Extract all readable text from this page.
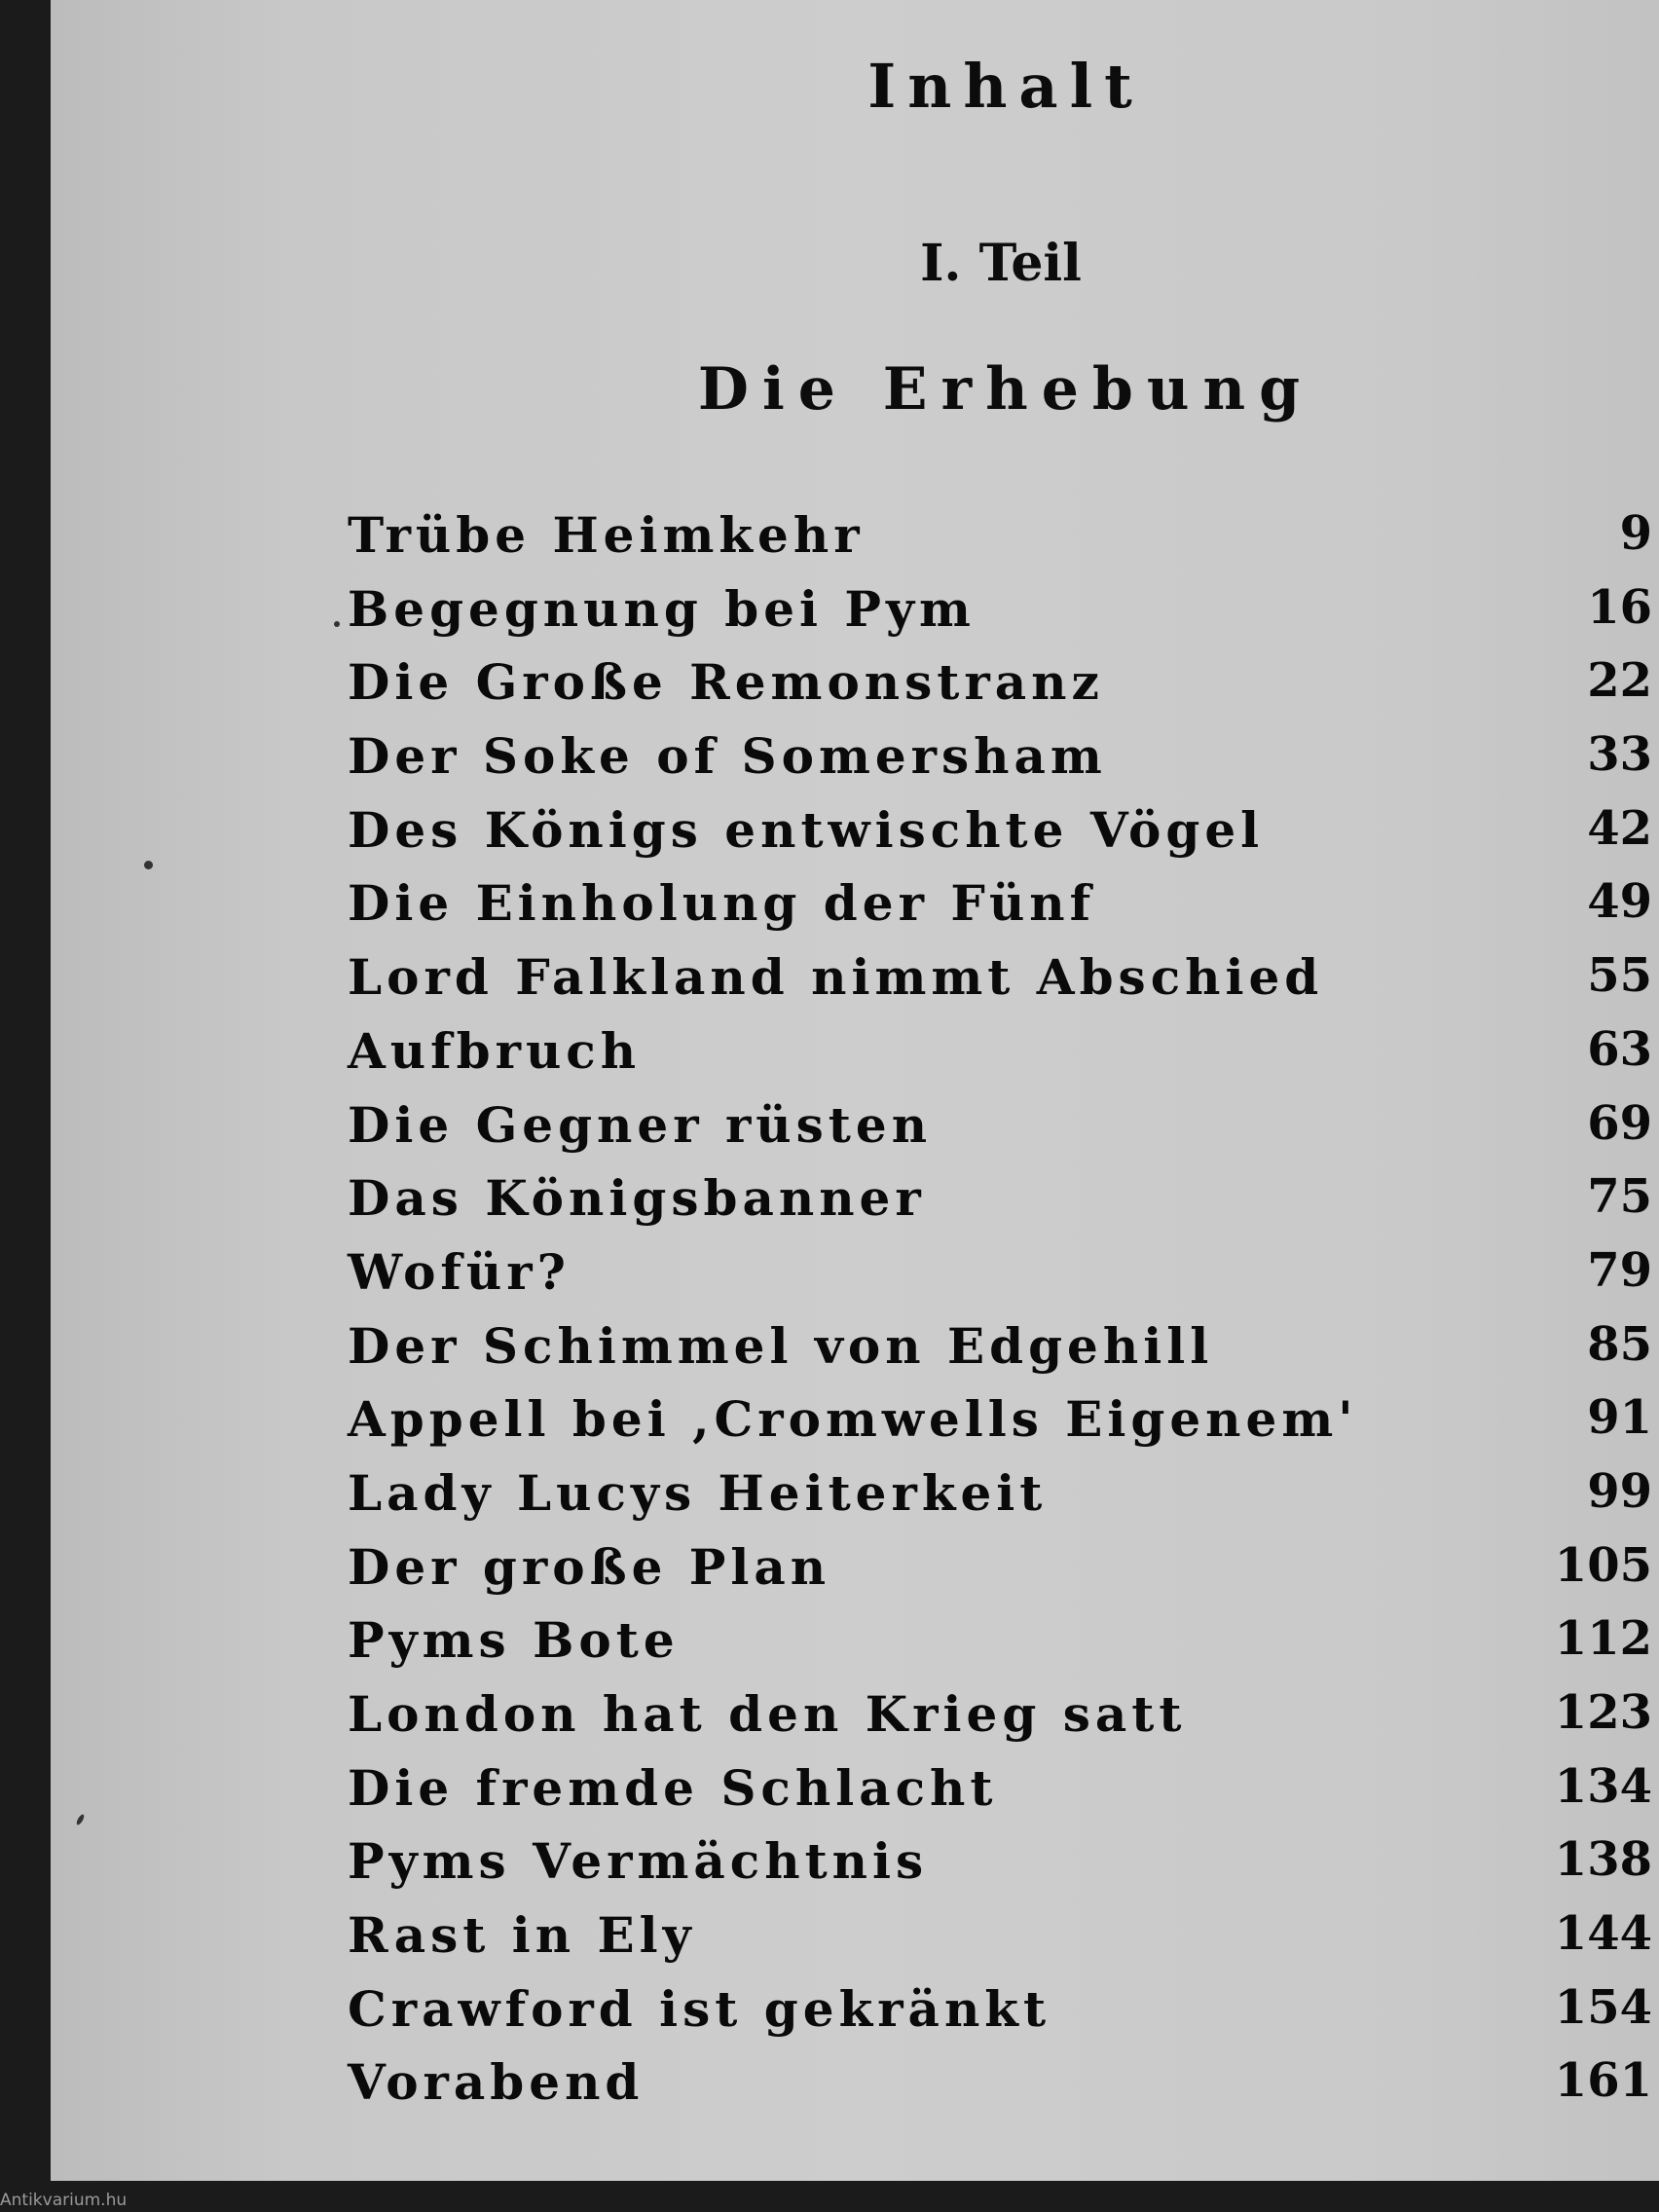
Inhalt
I. Teil
Die Erhebung
Trübe Heimkehr	9
Begegnung bei Pym	16
Die Große Remonstranz	22
Der Soke of Somersham	33
Des Königs entwischte Vögel	42
Die Einholung der Fünf	49
Lord Falkland nimmt Abschied	55
Aufbruch	63
Die Gegner rüsten	69
Das Königsbanner	75
Wofür?	79
Der Schimmel von Edgehill	85
Appell bei ,Cromwells Eigenem'	91
Lady Lucys Heiterkeit	99
Der große Plan	105
Pyms Bote	112
London hat den Krieg satt	123
Die fremde Schlacht	134
Pyms Vermächtnis	138
Rast in Ely	144
Crawford ist gekränkt	154
Vorabend	161
Antikvarium.hu
